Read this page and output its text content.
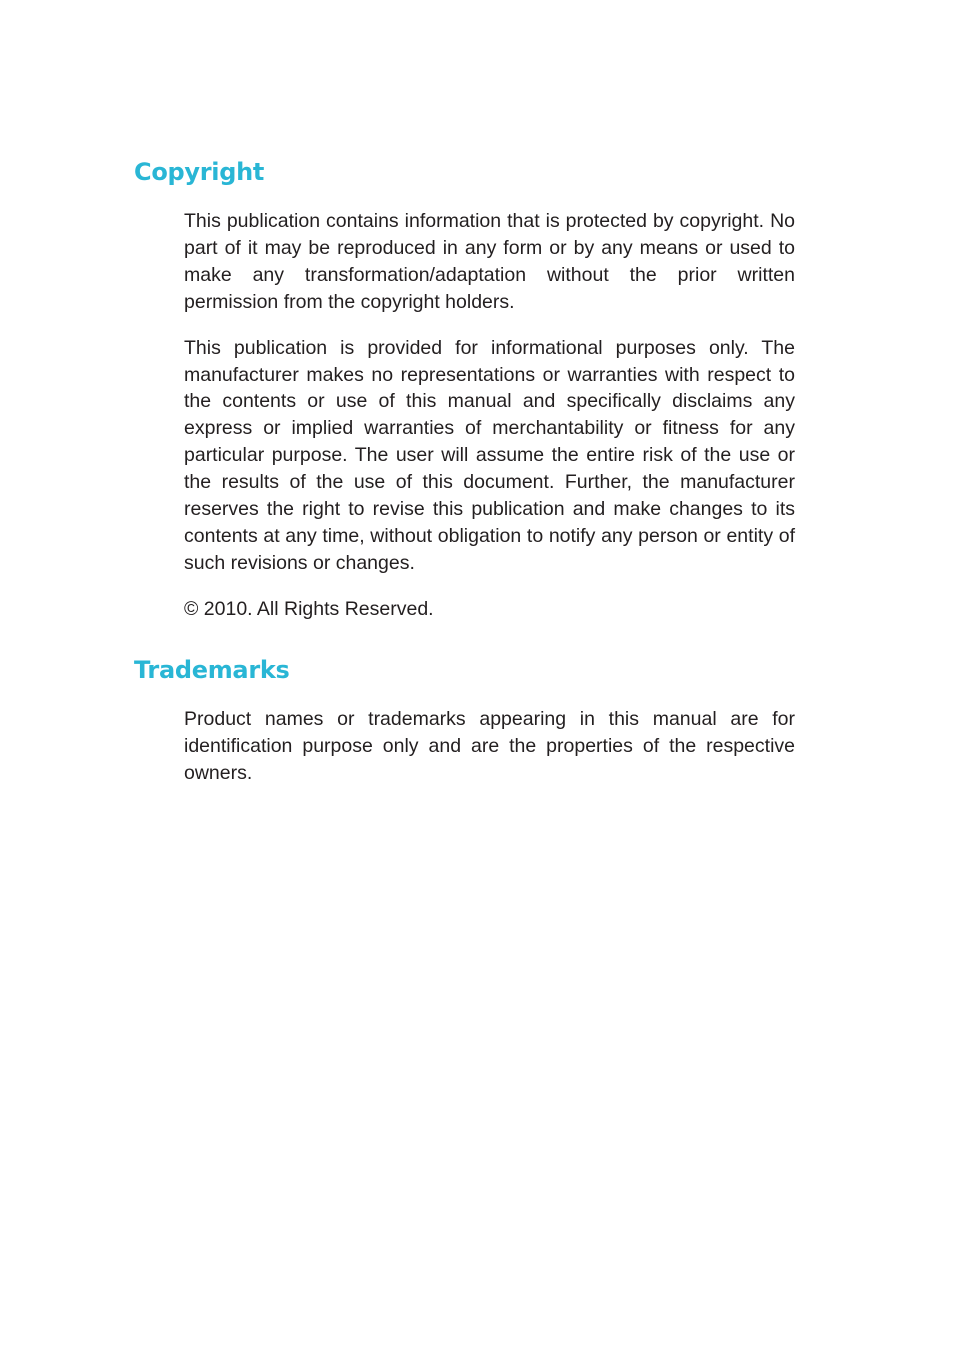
Copyright

This publication contains information that is protected by copyright. No part of it may be reproduced in any form or by any means or used to make any transformation/adaptation without the prior written permission from the copyright holders.

This publication is provided for informational purposes only. The manufacturer makes no representations or warranties with respect to the contents or use of this manual and specifically disclaims any express or implied warranties of merchantability or fitness for any particular purpose. The user will assume the entire risk of the use or the results of the use of this document. Further, the manufacturer reserves the right to revise this publication and make changes to its contents at any time, without obligation to notify any person or entity of such revisions or changes.

© 2010. All Rights Reserved.

Trademarks

Product names or trademarks appearing in this manual are for identification purpose only and are the properties of the respective owners.
